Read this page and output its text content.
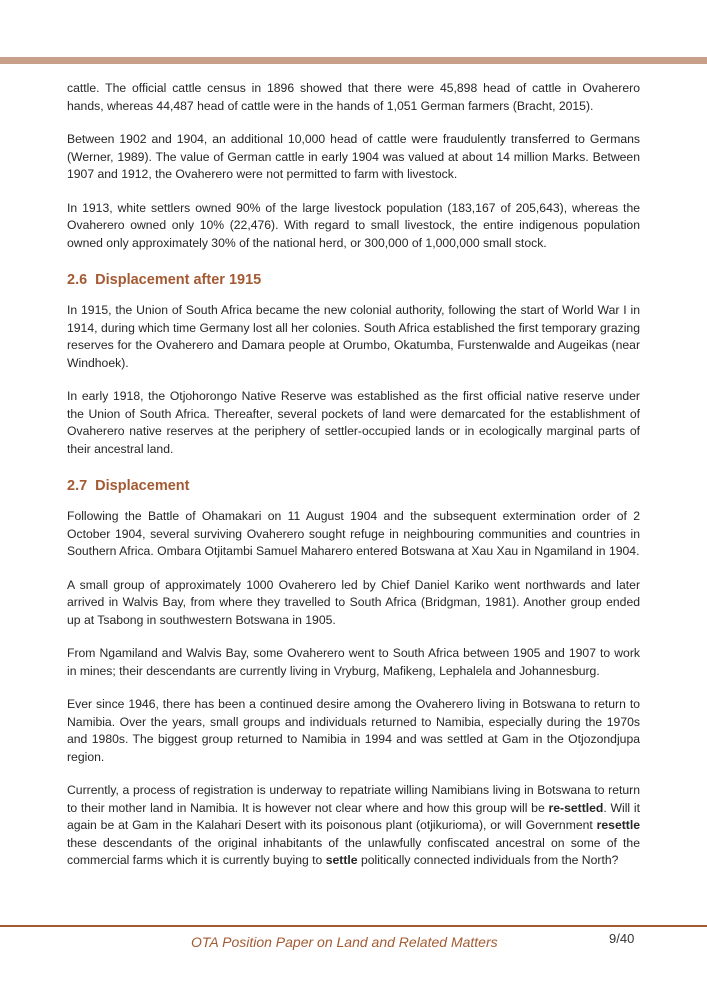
cattle. The official cattle census in 1896 showed that there were 45,898 head of cattle in Ovaherero hands, whereas 44,487 head of cattle were in the hands of 1,051 German farmers (Bracht, 2015).

Between 1902 and 1904, an additional 10,000 head of cattle were fraudulently transferred to Germans (Werner, 1989). The value of German cattle in early 1904 was valued at about 14 million Marks. Between 1907 and 1912, the Ovaherero were not permitted to farm with livestock.

In 1913, white settlers owned 90% of the large livestock population (183,167 of 205,643), whereas the Ovaherero owned only 10% (22,476). With regard to small livestock, the entire indigenous population owned only approximately 30% of the national herd, or 300,000 of 1,000,000 small stock.

2.6 Displacement after 1915

In 1915, the Union of South Africa became the new colonial authority, following the start of World War I in 1914, during which time Germany lost all her colonies. South Africa established the first temporary grazing reserves for the Ovaherero and Damara people at Orumbo, Okatumba, Furstenwalde and Augeikas (near Windhoek).

In early 1918, the Otjohorongo Native Reserve was established as the first official native reserve under the Union of South Africa. Thereafter, several pockets of land were demarcated for the establishment of Ovaherero native reserves at the periphery of settler-occupied lands or in ecologically marginal parts of their ancestral land.

2.7 Displacement

Following the Battle of Ohamakari on 11 August 1904 and the subsequent extermination order of 2 October 1904, several surviving Ovaherero sought refuge in neighbouring communities and countries in Southern Africa. Ombara Otjitambi Samuel Maharero entered Botswana at Xau Xau in Ngamiland in 1904.

A small group of approximately 1000 Ovaherero led by Chief Daniel Kariko went northwards and later arrived in Walvis Bay, from where they travelled to South Africa (Bridgman, 1981). Another group ended up at Tsabong in southwestern Botswana in 1905.

From Ngamiland and Walvis Bay, some Ovaherero went to South Africa between 1905 and 1907 to work in mines; their descendants are currently living in Vryburg, Mafikeng, Lephalela and Johannesburg.

Ever since 1946, there has been a continued desire among the Ovaherero living in Botswana to return to Namibia. Over the years, small groups and individuals returned to Namibia, especially during the 1970s and 1980s. The biggest group returned to Namibia in 1994 and was settled at Gam in the Otjozondjupa region.

Currently, a process of registration is underway to repatriate willing Namibians living in Botswana to return to their mother land in Namibia. It is however not clear where and how this group will be re-settled. Will it again be at Gam in the Kalahari Desert with its poisonous plant (otjikurioma), or will Government resettle these descendants of the original inhabitants of the unlawfully confiscated ancestral on some of the commercial farms which it is currently buying to settle politically connected individuals from the North?

OTA Position Paper on Land and Related Matters	9/40
